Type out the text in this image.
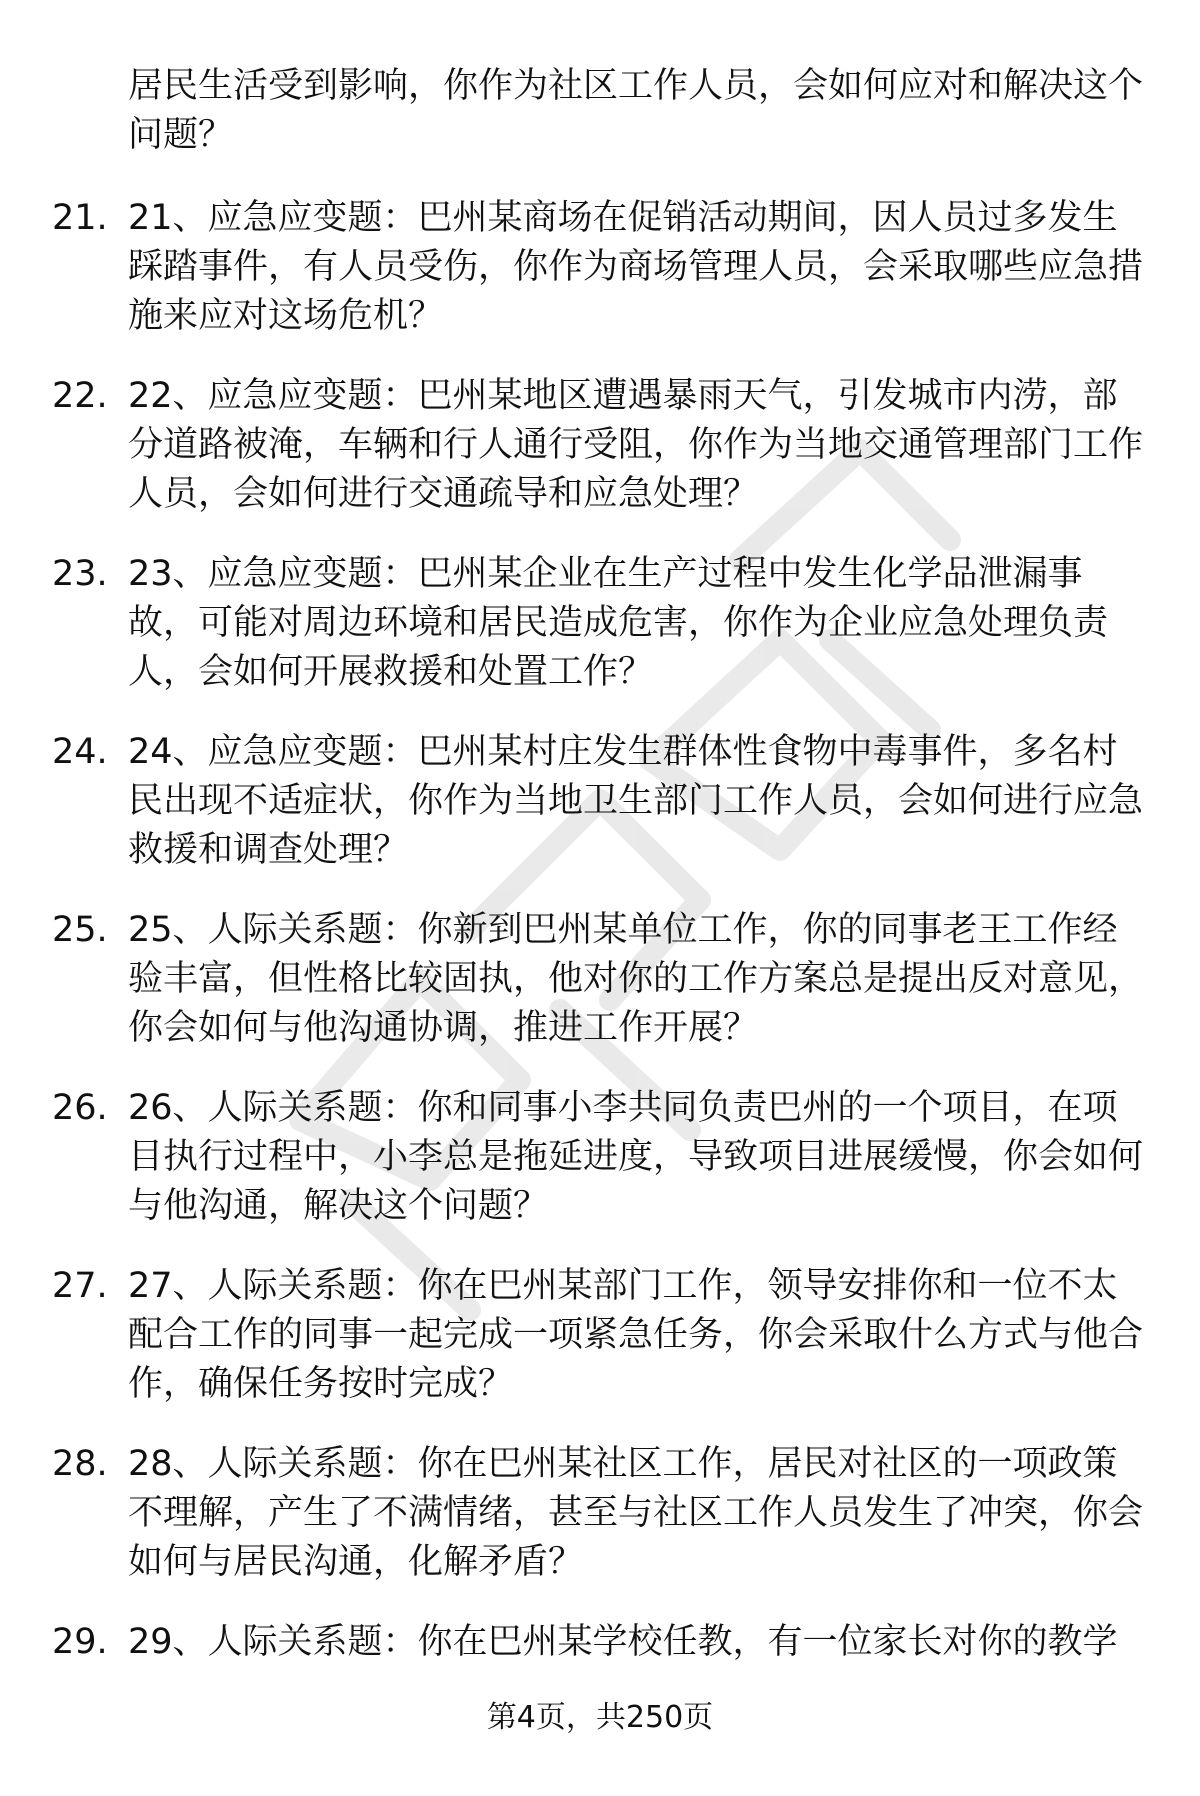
居民生活受到影响，你作为社区工作人员，会如何应对和解决这个问题？
21. 21、应急应变题：巴州某商场在促销活动期间，因人员过多发生踩踏事件，有人员受伤，你作为商场管理人员，会采取哪些应急措施来应对这场危机？
22. 22、应急应变题：巴州某地区遭遇暴雨天气，引发城市内涝，部分道路被淹，车辆和行人通行受阻，你作为当地交通管理部门工作人员，会如何进行交通疏导和应急处理？
23. 23、应急应变题：巴州某企业在生产过程中发生化学品泄漏事故，可能对周边环境和居民造成危害，你作为企业应急处理负责人，会如何开展救援和处置工作？
24. 24、应急应变题：巴州某村庄发生群体性食物中毒事件，多名村民出现不适症状，你作为当地卫生部门工作人员，会如何进行应急救援和调查处理？
25. 25、人际关系题：你新到巴州某单位工作，你的同事老王工作经验丰富，但性格比较固执，他对你的工作方案总是提出反对意见，你会如何与他沟通协调，推进工作开展？
26. 26、人际关系题：你和同事小李共同负责巴州的一个项目，在项目执行过程中，小李总是拖延进度，导致项目进展缓慢，你会如何与他沟通，解决这个问题？
27. 27、人际关系题：你在巴州某部门工作，领导安排你和一位不太配合工作的同事一起完成一项紧急任务，你会采取什么方式与他合作，确保任务按时完成？
28. 28、人际关系题：你在巴州某社区工作，居民对社区的一项政策不理解，产生了不满情绪，甚至与社区工作人员发生了冲突，你会如何与居民沟通，化解矛盾？
29. 29、人际关系题：你在巴州某学校任教，有一位家长对你的教学
第4页，共250页
